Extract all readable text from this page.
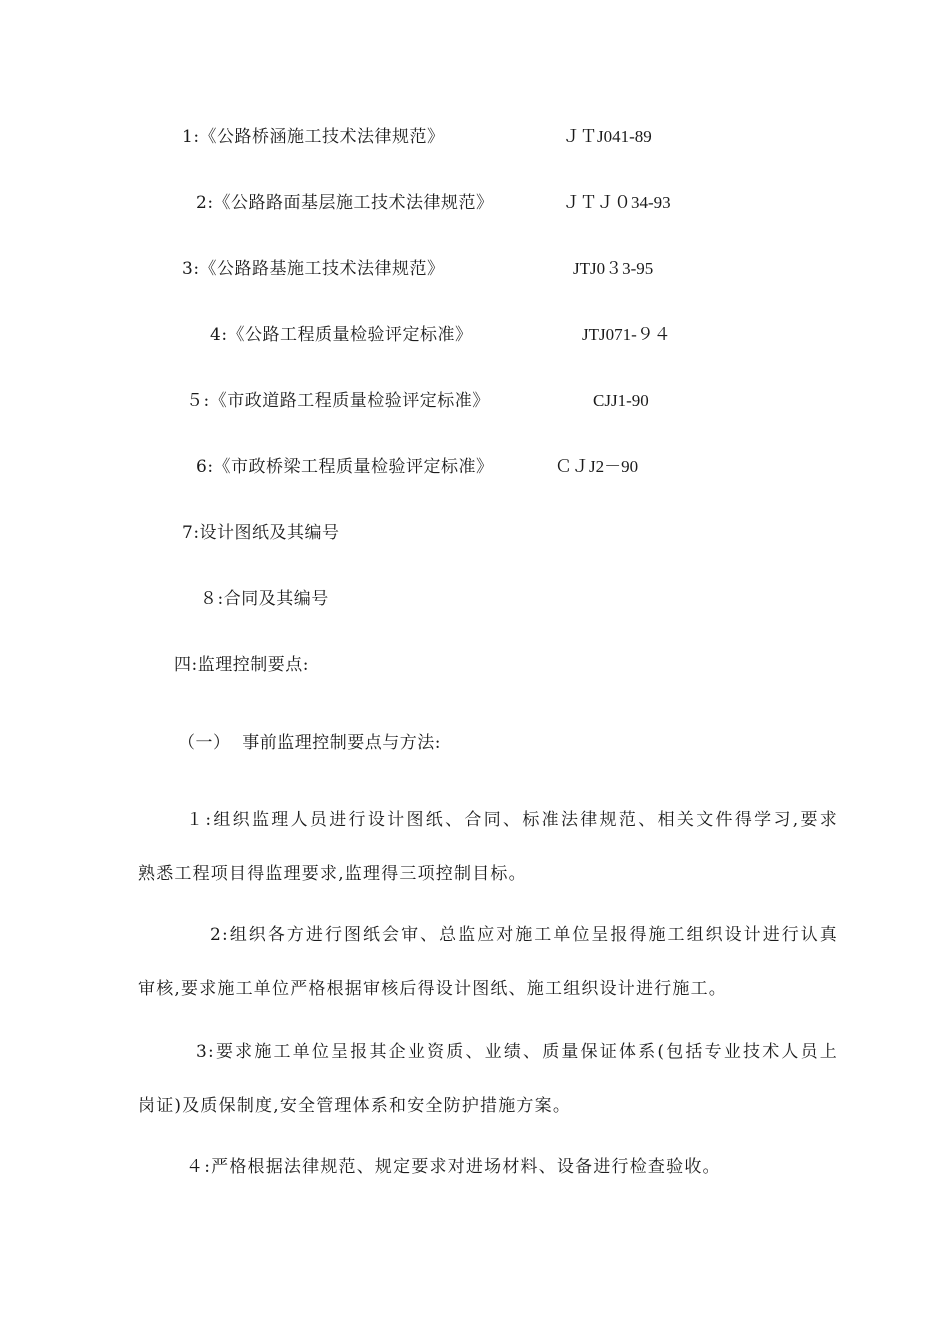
1:《公路桥涵施工技术法律规范》	ＪＴJ041-89
2:《公路路面基层施工技术法律规范》	ＪＴＪ０34-93
3:《公路路基施工技术法律规范》	JTJ0３3-95
4:《公路工程质量检验评定标准》	JTJ071-９４
５:《市政道路工程质量检验评定标准》	CJJ1-90
6:《市政桥梁工程质量检验评定标准》	ＣＪJ2－90
7:设计图纸及其编号
８:合同及其编号
四:监理控制要点:
（一）  事前监理控制要点与方法:
１:组织监理人员进行设计图纸、合同、标准法律规范、相关文件得学习,要求
熟悉工程项目得监理要求,监理得三项控制目标。
2:组织各方进行图纸会审、总监应对施工单位呈报得施工组织设计进行认真
审核,要求施工单位严格根据审核后得设计图纸、施工组织设计进行施工。
3:要求施工单位呈报其企业资质、业绩、质量保证体系(包括专业技术人员上
岗证)及质保制度,安全管理体系和安全防护措施方案。
４:严格根据法律规范、规定要求对进场材料、设备进行检查验收。
